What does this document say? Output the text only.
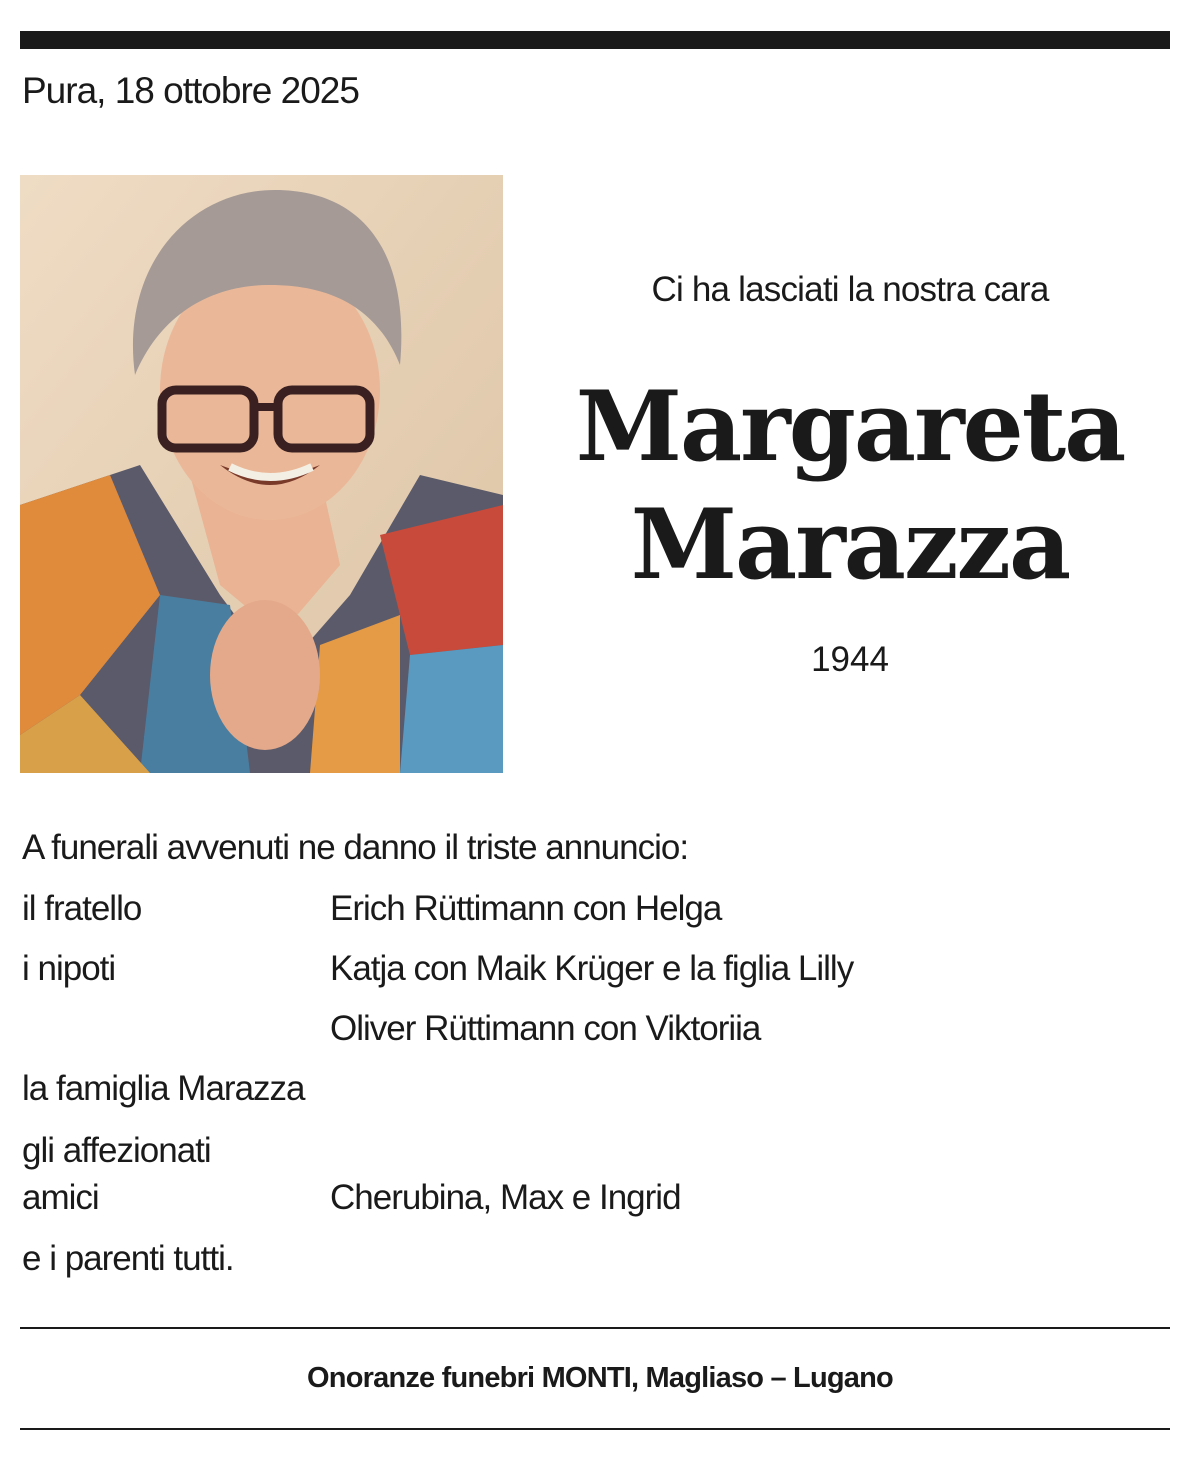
Pura, 18 ottobre 2025
Ci ha lasciati la nostra cara
Margareta
Marazza
1944
A funerali avvenuti ne danno il triste annuncio:
il fratello	Erich Rüttimann con Helga
i nipoti	Katja con Maik Krüger e la figlia Lilly
Oliver Rüttimann con Viktoriia
la famiglia Marazza
gli affezionati
amici	Cherubina, Max e Ingrid
e i parenti tutti.
Onoranze funebri MONTI, Magliaso – Lugano
